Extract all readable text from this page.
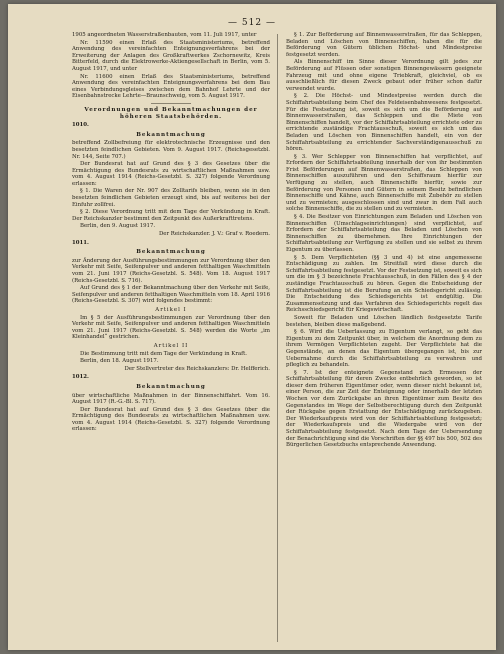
— 512 —

1905 angeordneten Wasserstraßenbauten, vom 11. Juli 1917, unter

Nr. 11590 einen Erlaß des Staatsministeriums, betreffend Anwendung des vereinfachten Enteignungsverfahrens bei der Erweiterung der Anlagen des Großkraftwerkes Zschornewitz, Kreis Bitterfeld, durch die Elektrowerke-Aktiengesellschaft in Berlin, vom 5. August 1917, und unter

Nr. 11600 einen Erlaß des Staatsministeriums, betreffend Anwendung des vereinfachten Enteignungsverfahrens bei dem Bau eines Verbindungsgleises zwischen dem Bahnhof Lehrte und der Eisenbahnstrecke Lehrte—Braunschweig, vom 5. August 1917.

Verordnungen und Bekanntmachungen der höheren Staatsbehörden.

1010.

Bekanntmachung

betreffend Zollbefreiung für elektrotechnische Erzeugnisse und den besetzten feindlichen Gebieten. Vom 9. August 1917. (Reichsgesetzbl. Nr. 144, Seite 707.)

Der Bundesrat hat auf Grund des § 3 des Gesetzes über die Ermächtigung des Bundesrats zu wirtschaftlichen Maßnahmen usw. vom 4. August 1914 (Reichs-Gesetzbl. S. 327) folgende Verordnung erlassen:

§ 1. Die Waren der Nr. 907 des Zolltarifs bleiben, wenn sie in den besetzten feindlichen Gebieten erzeugt sind, bis auf weiteres bei der Einfuhr zollfrei.

§ 2. Diese Verordnung tritt mit dem Tage der Verkündung in Kraft. Der Reichskanzler bestimmt den Zeitpunkt des Außerkrafttretens.

Berlin, den 9. August 1917.

Der Reichskanzler. J. V.: Graf v. Roedern.

1011.

Bekanntmachung

zur Änderung der Ausführungsbestimmungen zur Verordnung über den Verkehr mit Seife, Seifenpulver und anderen fetthaltigen Waschmitteln vom 21. Juni 1917 (Reichs-Gesetzbl. S. 548). Vom 18. August 1917 (Reichs-Gesetzbl. S. 716).

Auf Grund des § 1 der Bekanntmachung über den Verkehr mit Seife, Seifenpulver und anderen fetthaltigen Waschmitteln vom 18. April 1916 (Reichs-Gesetzbl. S. 307) wird folgendes bestimmt:

Artikel I

Im § 5 der Ausführungsbestimmungen zur Verordnung über den Verkehr mit Seife, Seifenpulver und anderen fetthaltigen Waschmitteln vom 21. Juni 1917 (Reichs-Gesetzbl. S. 548) werden die Worte „im Kleinhandel“ gestrichen.

Artikel II

Die Bestimmung tritt mit dem Tage der Verkündung in Kraft.

Berlin, den 18. August 1917.

Der Stellvertreter des Reichskanzlers: Dr. Helfferich.

1012.

Bekanntmachung

über wirtschaftliche Maßnahmen in der Binnenschiffahrt. Vom 16. August 1917 (R.-G.-Bl. S. 717).

Der Bundesrat hat auf Grund des § 3 des Gesetzes über die Ermächtigung des Bundesrats zu wirtschaftlichen Maßnahmen usw. vom 4. August 1914 (Reichs-Gesetzbl. S. 327) folgende Verordnung erlassen:

§ 1. Zur Beförderung auf Binnenwasserstraßen, für das Schleppen, Beladen und Löschen von Binnenschiffen, haben die für die Beförderung von Gütern üblichen Höchst- und Mindestpreise festgesetzt werden.

Als Binnenschiff im Sinne dieser Verordnung gilt jedes zur Beförderung auf Flüssen oder sonstigen Binnengewässern geeignete Fahrzeug mit und ohne eigene Triebkraft, gleichviel, ob es ausschließlich für diesen Zweck gebaut oder früher schon dafür verwendet wurde.

§ 2. Die Höchst- und Mindestpreise werden durch die Schiffahrtsabteilung beim Chef des Feldeisenbahnwesens festgesetzt. Für die Festsetzung ist, soweit es sich um die Beförderung auf Binnenwasserstraßen, das Schleppen und die Miete von Binnenschiffen handelt, vor der Schiffahrtsabteilung errichtete oder zu errichtende zuständige Frachtausschuß, soweit es sich um das Beladen und Löschen von Binnenschiffen handelt, ein von der Schiffahrtsabteilung zu errichtender Sachverständigenausschuß zu hören.

§ 3. Wer Schlepper von Binnenschiffen hat verpflichtet, auf Erfordern der Schiffahrtsabteilung innerhalb der von ihr bestimmten Frist Beförderungen auf Binnenwasserstraßen, das Schleppen von Binnenschiffen auszuführen und den Schiffsraum hierfür zur Verfügung zu stellen, auch Binnenschiffe hierfür, sowie zur Beförderung von Personen und Gütern in seinem Besitz befindlichen Binnenschiffe und Kähne, auch Binnenschiffe mit Zubehör zu stellen und zu vermieten; ausgeschlossen sind und zwar in dem Fall auch solche Binnenschiffe, die zu stellen und zu vermieten.

§ 4. Die Besitzer von Einrichtungen zum Beladen und Löschen von Binnenschiffen (Umschlagseinrichtungen) sind verpflichtet, auf Erfordern der Schiffahrtsabteilung das Beladen und Löschen von Binnenschiffen zu übernehmen. Ihre Einrichtungen der Schiffahrtsabteilung zur Verfügung zu stellen und sie selbst zu ihrem Eigentum zu überlassen.

§ 5. Dem Verpflichteten (§§ 3 und 4) ist eine angemessene Entschädigung zu zahlen. Im Streitfall wird diese durch die Schiffahrtsabteilung festgesetzt. Vor der Festsetzung ist, soweit es sich um die im § 3 bezeichnete Frachtausschuß, in den Fällen des § 4 der zuständige Frachtausschuß zu hören. Gegen die Entscheidung der Schiffahrtsabteilung ist die Berufung an ein Schiedsgericht zulässig. Die Entscheidung des Schiedsgerichts ist endgültig. Die Zusammensetzung und das Verfahren des Schiedsgerichts regelt das Reichsschiedsgericht für Kriegswirtschaft.

Soweit für Beladen und Löschen ländlich festgesetzte Tarife bestehen, bleiben diese maßgebend.

§ 6. Wird die Ueberlassung zu Eigentum verlangt, so geht das Eigentum zu dem Zeitpunkt über, in welchem die Anordnung dem zu ihrem Vermögen Verpflichteten zugeht. Der Verpflichtete hat die Gegenstände, an denen das Eigentum übergegangen ist, bis zur Uebernahme durch die Schiffahrtsabteilung zu verwahren und pfleglich zu behandeln.

§ 7. Ist der enteignete Gegenstand nach Ermessen der Schiffahrtsabteilung für deren Zwecke entbehrlich geworden, so ist dieser dem früheren Eigentümer oder, wenn dieser nicht bekannt ist, einer Person, die zur Zeit der Enteignung oder innerhalb der letzten Wochen vor dem Zurückgabe an ihren Eigentümer zum Besitz des Gegenstandes im Wege der Selbstberechtigung durch den Zeitpunkt der Rückgabe gegen Erstattung der Entschädigung zurückzugeben. Der Wiederkaufspreis wird von der Schiffahrtsabteilung festgesetzt; der Wiederkaufspreis und die Wiedergabe wird von der Schiffahrtsabteilung festgesetzt. Nach dem Tage der Uebersendung der Benachrichtigung sind die Vorschriften der §§ 497 bis 500, 502 des Bürgerlichen Gesetzbuchs entsprechende Anwendung.
